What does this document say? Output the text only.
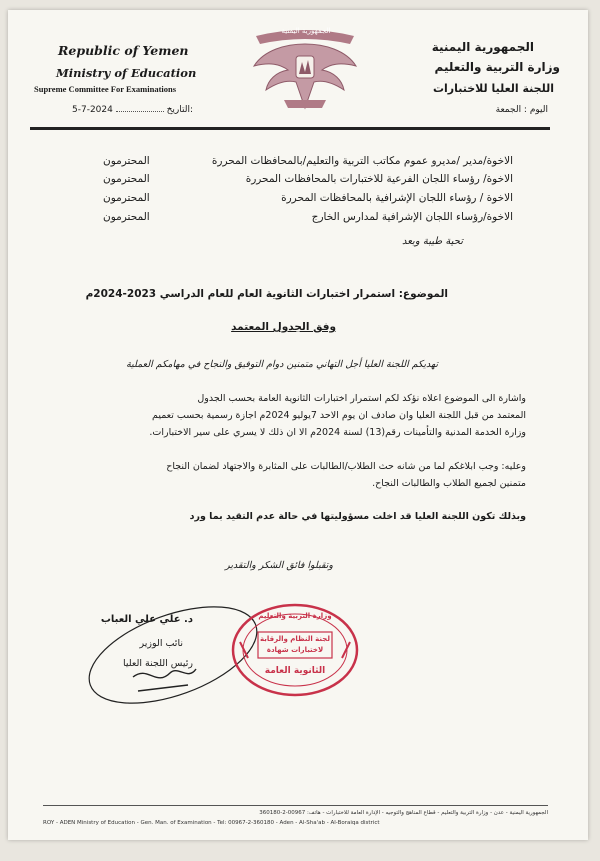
Republic of Yemen
Ministry of Education
Supreme Committee For Examinations
5-7-2024	التاريخ:
الجمهورية اليمنية
الجمهورية اليمنية
وزارة التربية والتعليم
اللجنة العليا للاختبارات
اليوم : الجمعة
الاخوة/مدير /مديرو عموم مكاتب التربية والتعليم/بالمحافظات المحررة
المحترمون
الاخوة/ رؤساء اللجان الفرعية للاختبارات بالمحافظات المحررة
المحترمون
الاخوة / رؤساء اللجان الإشرافية بالمحافظات المحررة
المحترمون
الاخوة/رؤساء اللجان الإشرافية لمدارس الخارج
المحترمون
تحية طيبة وبعد
الموضوع: استمرار اختبارات الثانوية العام للعام الدراسي 2023-2024م
وفق الجدول المعتمد
تهديكم اللجنة العليا أجل التهاني متمنين دوام التوفيق والنجاح في مهامكم العملية
واشارة الى الموضوع اعلاه نؤكد لكم استمرار اختبارات الثانوية العامة بحسب الجدول
المعتمد من قبل اللجنة العليا وان صادف ان يوم الاحد 7يوليو 2024م اجازة رسمية بحسب تعميم
وزارة الخدمة المدنية والتأمينات رقم(13) لسنة 2024م الا ان ذلك لا يسري على سير الاختبارات.
وعليه: وجب ابلاغكم لما من شانه حث الطلاب/الطالبات على المثابرة والاجتهاد لضمان النجاح
متمنين لجميع الطلاب والطالبات النجاح.
وبذلك تكون اللجنة العليا قد اخلت مسؤوليتها في حالة عدم التقيد بما ورد
وتقبلوا فائق الشكر والتقدير
د. علي علي العباب
نائب الوزير
رئيس اللجنة العليا
وزارة التربية والتعليم
لجنة النظام والرقابة
لاختبارات شهادة
الثانوية العامة
الجمهورية اليمنية - عدن - وزارة التربية والتعليم - قطاع المناهج والتوجيه - الإدارة العامة للاختبارات - هاتف: 00967-2-360180
ROY - ADEN Ministry of Education - Gen. Man. of Examination - Tel: 00967-2-360180 - Aden - Al-Sha'ab - Al-Boraiqa district
